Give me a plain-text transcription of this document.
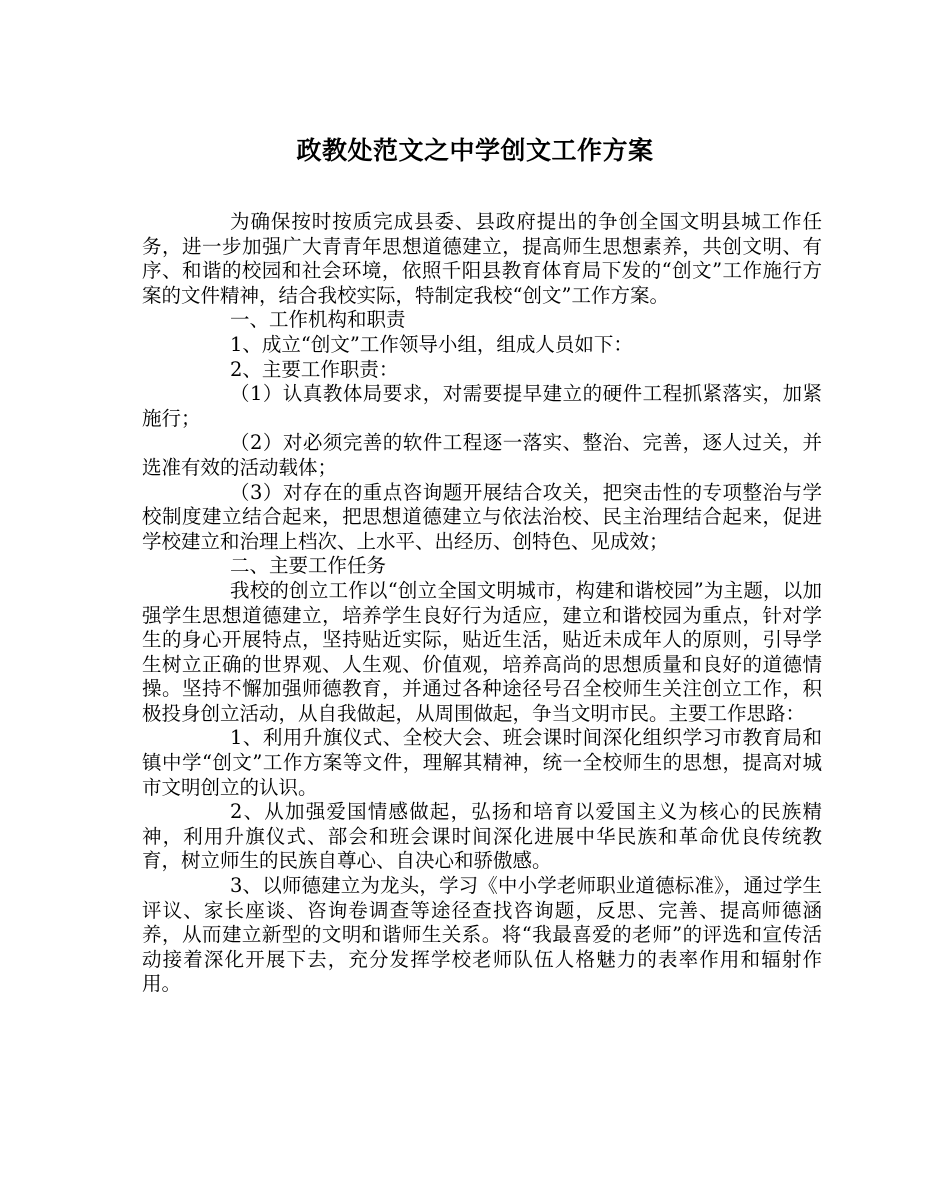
政教处范文之中学创文工作方案

为确保按时按质完成县委、县政府提出的争创全国文明县城工作任务，进一步加强广大青青年思想道德建立，提高师生思想素养，共创文明、有序、和谐的校园和社会环境，依照千阳县教育体育局下发的“创文”工作施行方案的文件精神，结合我校实际，特制定我校“创文”工作方案。

一、工作机构和职责

1、成立“创文”工作领导小组，组成人员如下：

2、主要工作职责：

（1）认真教体局要求，对需要提早建立的硬件工程抓紧落实，加紧施行；

（2）对必须完善的软件工程逐一落实、整治、完善，逐人过关，并选准有效的活动载体；

（3）对存在的重点咨询题开展结合攻关，把突击性的专项整治与学校制度建立结合起来，把思想道德建立与依法治校、民主治理结合起来，促进学校建立和治理上档次、上水平、出经历、创特色、见成效；

二、主要工作任务

我校的创立工作以“创立全国文明城市，构建和谐校园”为主题，以加强学生思想道德建立，培养学生良好行为适应，建立和谐校园为重点，针对学生的身心开展特点，坚持贴近实际，贴近生活，贴近未成年人的原则，引导学生树立正确的世界观、人生观、价值观，培养高尚的思想质量和良好的道德情操。坚持不懈加强师德教育，并通过各种途径号召全校师生关注创立工作，积极投身创立活动，从自我做起，从周围做起，争当文明市民。主要工作思路：

1、利用升旗仪式、全校大会、班会课时间深化组织学习市教育局和镇中学“创文”工作方案等文件，理解其精神，统一全校师生的思想，提高对城市文明创立的认识。

2、从加强爱国情感做起，弘扬和培育以爱国主义为核心的民族精神，利用升旗仪式、部会和班会课时间深化进展中华民族和革命优良传统教育，树立师生的民族自尊心、自决心和骄傲感。

3、以师德建立为龙头，学习《中小学老师职业道德标准》，通过学生评议、家长座谈、咨询卷调查等途径查找咨询题，反思、完善、提高师德涵养，从而建立新型的文明和谐师生关系。将“我最喜爱的老师”的评选和宣传活动接着深化开展下去，充分发挥学校老师队伍人格魅力的表率作用和辐射作用。
